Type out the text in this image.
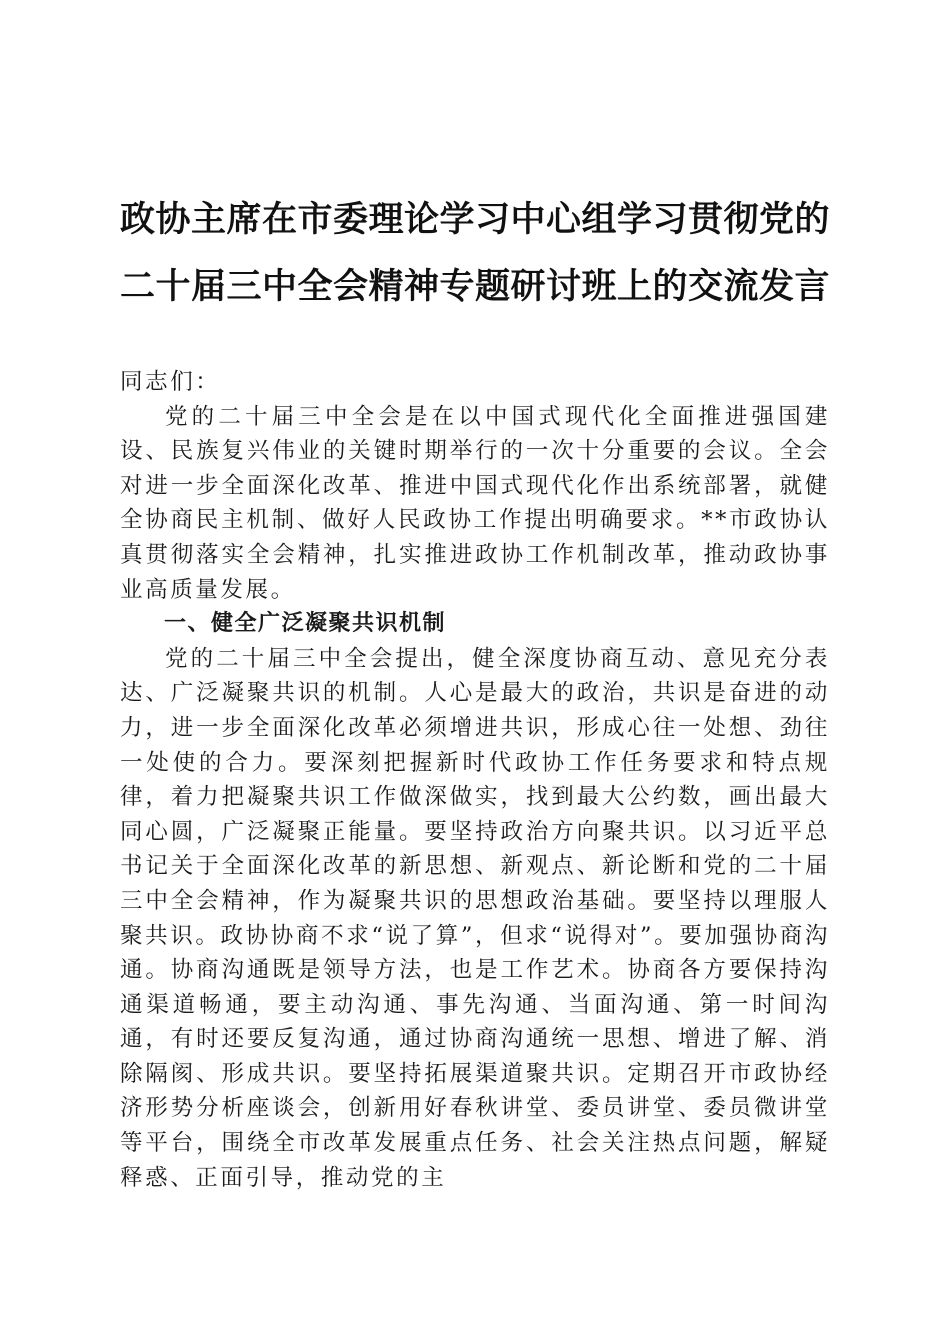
政协主席在市委理论学习中心组学习贯彻党的
二十届三中全会精神专题研讨班上的交流发言

同志们：

党的二十届三中全会是在以中国式现代化全面推进强国建设、民族复兴伟业的关键时期举行的一次十分重要的会议。全会对进一步全面深化改革、推进中国式现代化作出系统部署，就健全协商民主机制、做好人民政协工作提出明确要求。**市政协认真贯彻落实全会精神，扎实推进政协工作机制改革，推动政协事业高质量发展。

一、健全广泛凝聚共识机制

党的二十届三中全会提出，健全深度协商互动、意见充分表达、广泛凝聚共识的机制。人心是最大的政治，共识是奋进的动力，进一步全面深化改革必须增进共识，形成心往一处想、劲往一处使的合力。要深刻把握新时代政协工作任务要求和特点规律，着力把凝聚共识工作做深做实，找到最大公约数，画出最大同心圆，广泛凝聚正能量。要坚持政治方向聚共识。以习近平总书记关于全面深化改革的新思想、新观点、新论断和党的二十届三中全会精神，作为凝聚共识的思想政治基础。要坚持以理服人聚共识。政协协商不求“说了算”，但求“说得对”。要加强协商沟通。协商沟通既是领导方法，也是工作艺术。协商各方要保持沟通渠道畅通，要主动沟通、事先沟通、当面沟通、第一时间沟通，有时还要反复沟通，通过协商沟通统一思想、增进了解、消除隔阂、形成共识。要坚持拓展渠道聚共识。定期召开市政协经济形势分析座谈会，创新用好春秋讲堂、委员讲堂、委员微讲堂等平台，围绕全市改革发展重点任务、社会关注热点问题，解疑释惑、正面引导，推动党的主
